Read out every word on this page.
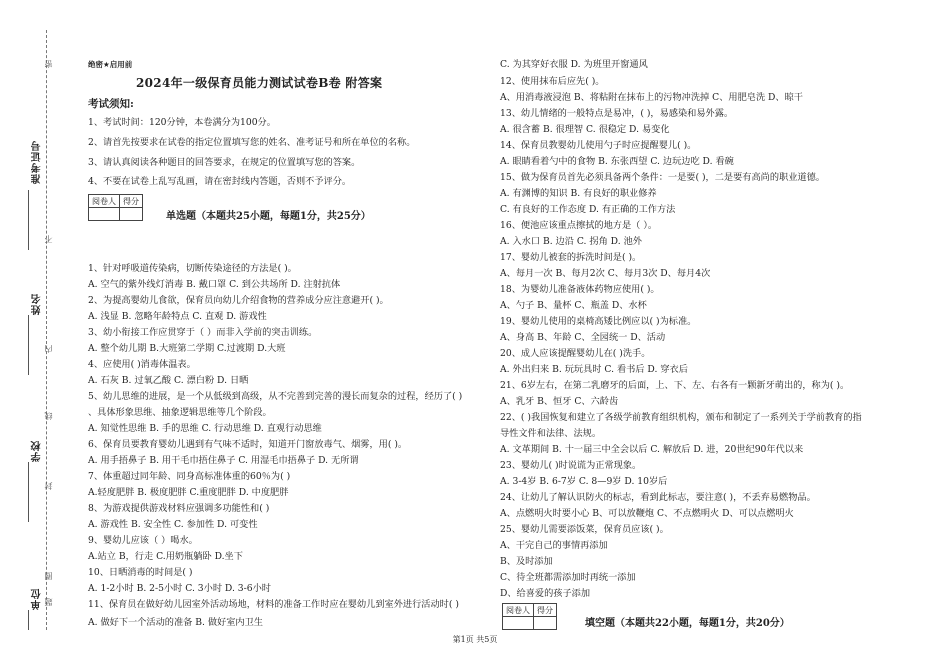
准考证号
姓名
学校
单位
密
不
内
线
封
圈
题
绝密★启用前
2024年一级保育员能力测试试卷B卷 附答案
考试须知:
1、考试时间：120分钟，本卷满分为100分。
2、请首先按要求在试卷的指定位置填写您的姓名、准考证号和所在单位的名称。
3、请认真阅读各种题目的回答要求，在规定的位置填写您的答案。
4、不要在试卷上乱写乱画，请在密封线内答题，否则不予评分。
阅卷人	得分

单选题（本题共25小题，每题1分，共25分）
1、针对呼吸道传染病，切断传染途径的方法是( )。
A. 空气的紫外线灯消毒 B. 戴口罩 C. 到公共场所 D. 注射抗体
2、为提高婴幼儿食欲，保育员向幼儿介绍食物的营养成分应注意避开( )。
A. 浅显 B. 忽略年龄特点 C. 直观 D. 游戏性
3、幼小衔接工作应贯穿于（ ）而非入学前的突击训练。
A. 整个幼儿期 B.大班第二学期 C.过渡期 D.大班
4、应使用( )消毒体温表。
A. 石灰 B. 过氧乙酸 C. 漂白粉 D. 日晒
5、幼儿思维的进展，是一个从低级到高级，从不完善到完善的漫长而复杂的过程，经历了( )
、具体形象思维、抽象逻辑思维等几个阶段。
A. 知觉性思维 B. 手的思维 C. 行动思维 D. 直观行动思维
6、保育员要教育婴幼儿遇到有气味不适时，知道开门窗放毒气、烟雾，用( )。
A. 用手捂鼻子 B. 用干毛巾捂住鼻子 C. 用湿毛巾捂鼻子 D. 无所谓
7、体重超过同年龄、同身高标准体重的60％为( )
A.轻度肥胖 B. 极度肥胖 C.重度肥胖 D. 中度肥胖
8、为游戏提供游戏材料应强调多功能性和( )
A. 游戏性 B. 安全性 C. 参加性 D. 可变性
9、婴幼儿应该（ ）喝水。
A.站立 B，行走 C.用奶瓶躺卧 D.坐下
10、日晒消毒的时间是( )
A. 1-2小时 B. 2-5小时 C. 3小时 D. 3-6小时
11、保育员在做好幼儿园室外活动场地，材料的准备工作时应在婴幼儿到室外进行活动时( )
A. 做好下一个活动的准备 B. 做好室内卫生
C. 为其穿好衣服 D. 为班里开窗通风
12、使用抹布后应先( )。
A、用消毒液浸泡 B、将粘附在抹布上的污物冲洗掉 C、用肥皂洗 D、晾干
13、幼儿情绪的一般特点是易冲，( )，易感染和易外露。
A. 很含蓄 B. 很理智 C. 很稳定 D. 易变化
14、保育员教婴幼儿使用勺子时应提醒婴儿( )。
A. 眼睛看着勺中的食物 B. 东张西望 C. 边玩边吃 D. 看碗
15、做为保育员首先必须具备两个条件：一是要( )，二是要有高尚的职业道德。
A. 有渊博的知识 B. 有良好的职业修养
C. 有良好的工作态度 D. 有正确的工作方法
16、便池应该重点擦拭的地方是（ ）。
A. 入水口 B. 边沿 C. 拐角 D. 池外
17、婴幼儿被套的拆洗时间是( )。
A、每月一次 B、每月2次 C、每月3次 D、每月4次
18、为婴幼儿准备液体药物应使用( )。
A、勺子 B、量杯 C、瓶盖 D、水杯
19、婴幼儿使用的桌椅高矮比例应以( )为标准。
A、身高 B、年龄 C、全园统一 D、活动
20、成人应该提醒婴幼儿在( )洗手。
A. 外出归来 B. 玩玩具时 C. 看书后 D. 穿衣后
21、6岁左右，在第二乳磨牙的后面，上、下、左、右各有一颗新牙萌出的，称为( )。
A、乳牙 B、恒牙 C、六龄齿
22、( )我国恢复和建立了各级学前教育组织机构，颁布和制定了一系列关于学前教育的指
导性文件和法律、法规。
A. 文革期间 B. 十一届三中全会以后 C. 解放后 D. 进，20世纪90年代以来
23、婴幼儿( )时说谎为正常现象。
A. 3-4岁 B. 6-7岁 C. 8—9岁 D. 10岁后
24、让幼儿了解认识防火的标志，看到此标志，要注意( )，不丢弃易燃物品。
A、点燃明火时要小心 B、可以放鞭炮 C、不点燃明火 D、可以点燃明火
25、婴幼儿需要添饭菜，保育员应该( )。
A、干完自己的事情再添加
B、及时添加
C、待全班都需添加时再统一添加
D、给喜爱的孩子添加
阅卷人	得分

填空题（本题共22小题，每题1分，共20分）
第1页 共5页
